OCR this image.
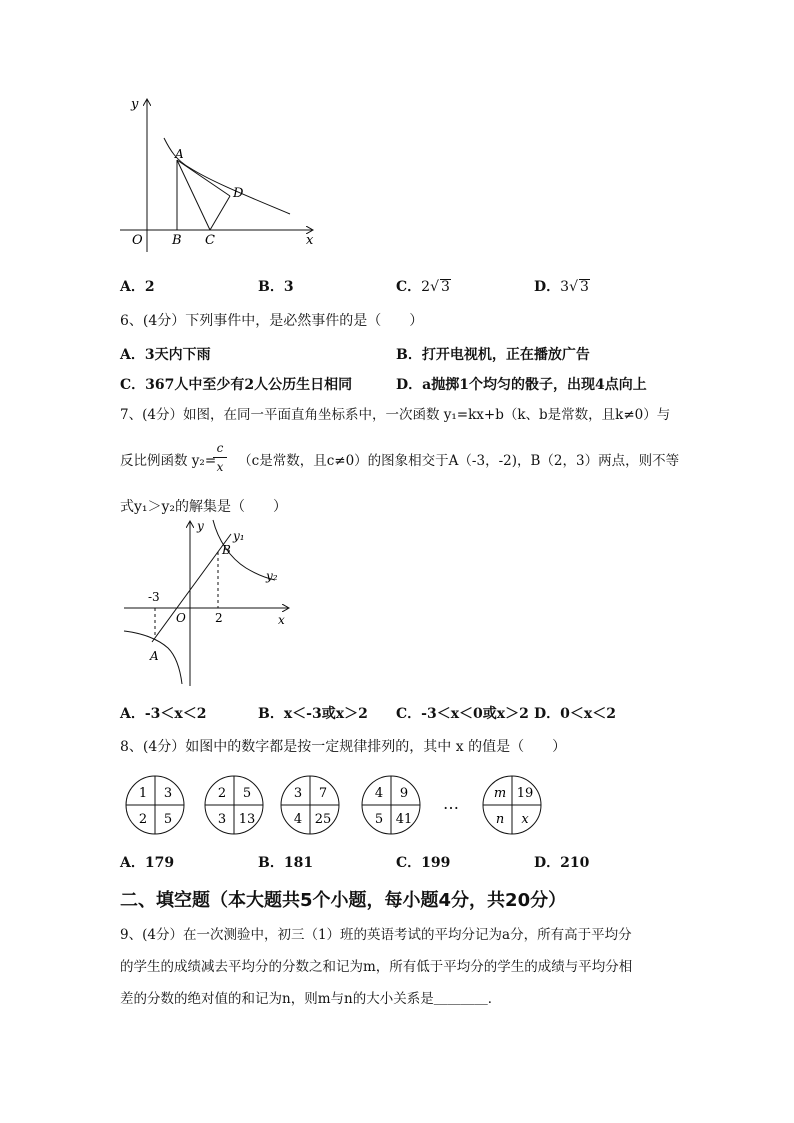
y
x
O B C
A
D
A．2	B．3	C．2√ 3	D．3√ 3
6、(4分）下列事件中，是必然事件的是（　　）
A．3天内下雨	B．打开电视机，正在播放广告
C．367人中至少有2人公历生日相同	D．a抛掷1个均匀的骰子，出现4点向上
7、(4分）如图，在同一平面直角坐标系中，一次函数 y₁=kx+b（k、b是常数，且k≠0）与
反比例函数 y₂= （c是常数，且c≠0）的图象相交于A（-3，-2)，B（2，3）两点，则不等
c
x
式y₁＞y₂的解集是（　　）
y
y₁
B
y₂
-3
O 2	x
A
A．-3＜x＜2	B．x＜-3或x＞2 C．-3＜x＜0或x＞2 D．0＜x＜2
8、(4分）如图中的数字都是按一定规律排列的，其中 x 的值是（　　）
1 3
2 5
2 5
3 13
3 7
4 25
4 9
5 41
m 19
n x
…
A．179	B．181	C．199	D．210
二、填空题（本大题共5个小题，每小题4分，共20分）
9、(4分）在一次测验中，初三（1）班的英语考试的平均分记为a分，所有高于平均分
的学生的成绩减去平均分的分数之和记为m，所有低于平均分的学生的成绩与平均分相
差的分数的绝对值的和记为n，则m与n的大小关系是＿＿＿＿．
